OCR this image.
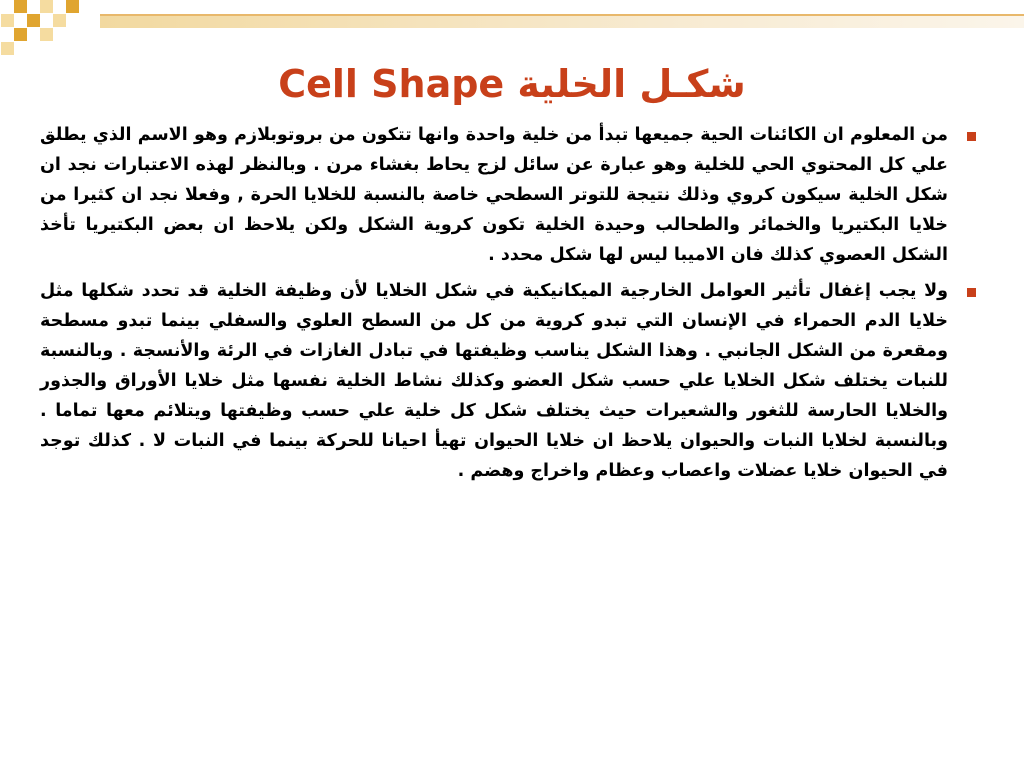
Cell Shape شكـل الخلية
من المعلوم ان الكائنات الحية جميعها تبدأ من خلية واحدة وانها تتكون من بروتوبلازم وهو الاسم الذي يطلق علي كل المحتوي الحي للخلية وهو عبارة عن سائل لزج يحاط بغشاء مرن . وبالنظر لهذه الاعتبارات نجد ان شكل الخلية سيكون كروي وذلك نتيجة للتوتر السطحي خاصة بالنسبة للخلايا الحرة , وفعلا نجد ان كثيرا من خلايا البكتيريا والخمائر والطحالب وحيدة الخلية تكون كروية الشكل ولكن يلاحظ ان بعض البكتيريا تأخذ الشكل العصوي كذلك فان الاميبا ليس لها شكل محدد .
ولا يجب إغفال تأثير العوامل الخارجية الميكانيكية في شكل الخلايا لأن وظيفة الخلية قد تحدد شكلها مثل خلايا الدم الحمراء في الإنسان التي تبدو كروية من كل من السطح العلوي والسفلي بينما تبدو مسطحة ومقعرة من الشكل الجانبي . وهذا الشكل يناسب وظيفتها في تبادل الغازات في الرئة والأنسجة . وبالنسبة للنبات يختلف شكل الخلايا علي حسب شكل العضو وكذلك نشاط الخلية نفسها مثل خلايا الأوراق والجذور والخلايا الحارسة للثغور والشعيرات حيث يختلف شكل كل خلية علي حسب وظيفتها ويتلائم معها تماما . وبالنسبة لخلايا النبات والحيوان يلاحظ ان خلايا الحيوان تهيأ احيانا للحركة بينما في النبات لا . كذلك توجد في الحيوان خلايا عضلات واعصاب وعظام واخراج وهضم .
